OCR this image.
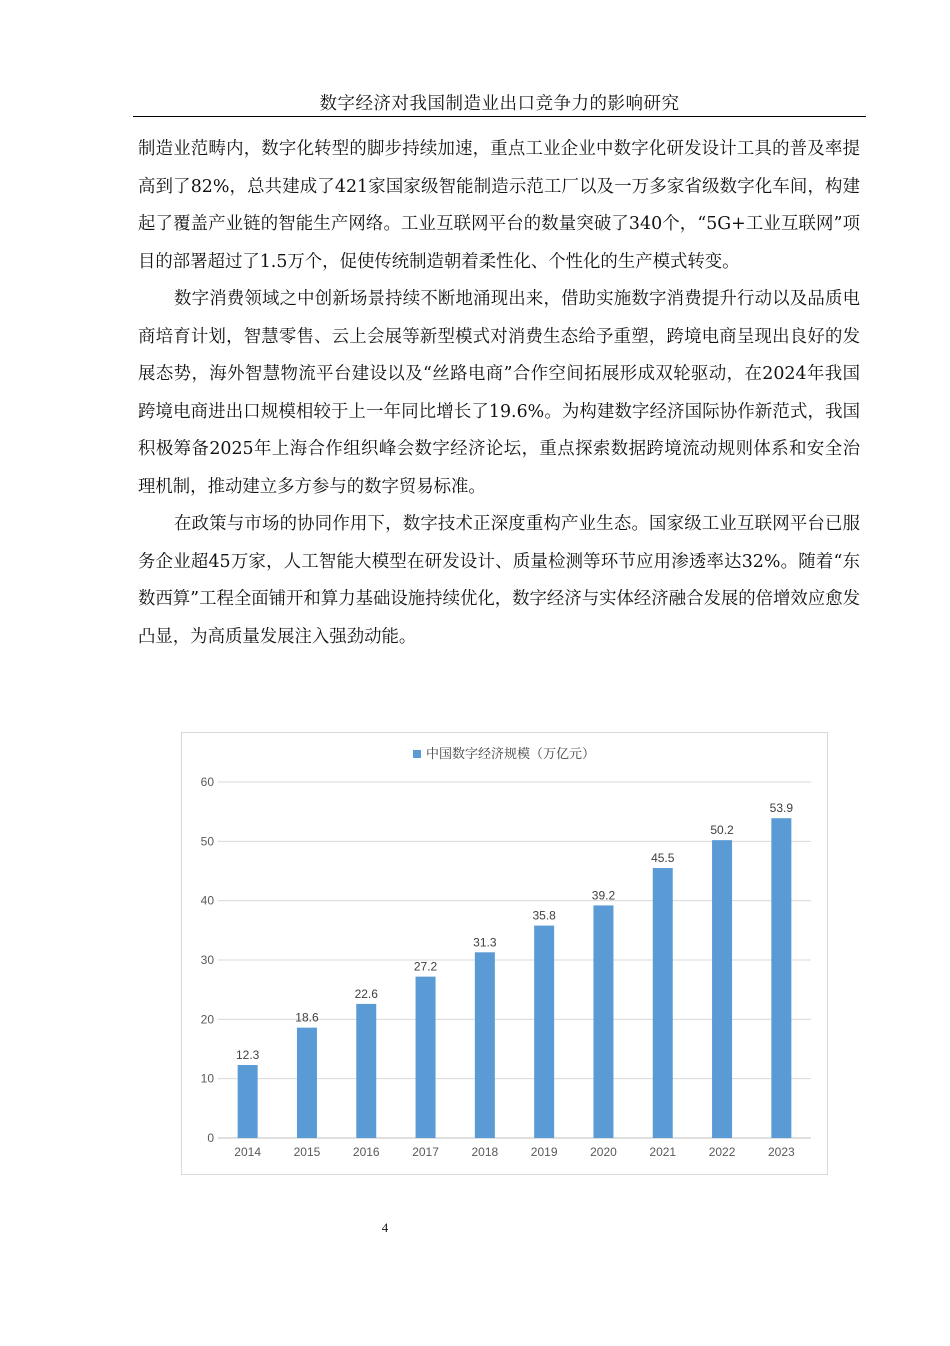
数字经济对我国制造业出口竞争力的影响研究

制造业范畴内，数字化转型的脚步持续加速，重点工业企业中数字化研发设计工具的普及率提高到了82%，总共建成了421家国家级智能制造示范工厂以及一万多家省级数字化车间，构建起了覆盖产业链的智能生产网络。工业互联网平台的数量突破了340个，“5G+工业互联网”项目的部署超过了1.5万个，促使传统制造朝着柔性化、个性化的生产模式转变。

数字消费领域之中创新场景持续不断地涌现出来，借助实施数字消费提升行动以及品质电商培育计划，智慧零售、云上会展等新型模式对消费生态给予重塑，跨境电商呈现出良好的发展态势，海外智慧物流平台建设以及“丝路电商”合作空间拓展形成双轮驱动，在2024年我国跨境电商进出口规模相较于上一年同比增长了19.6%。为构建数字经济国际协作新范式，我国积极筹备2025年上海合作组织峰会数字经济论坛，重点探索数据跨境流动规则体系和安全治理机制，推动建立多方参与的数字贸易标准。

在政策与市场的协同作用下，数字技术正深度重构产业生态。国家级工业互联网平台已服务企业超45万家，人工智能大模型在研发设计、质量检测等环节应用渗透率达32%。随着“东数西算”工程全面铺开和算力基础设施持续优化，数字经济与实体经济融合发展的倍增效应愈发凸显，为高质量发展注入强劲动能。

0
10
20
30
40
50
60
12.3
2014
18.6
2015
22.6
2016
27.2
2017
31.3
2018
35.8
2019
39.2
2020
45.5
2021
50.2
2022
53.9
2023
中国数字经济规模（万亿元）
4
